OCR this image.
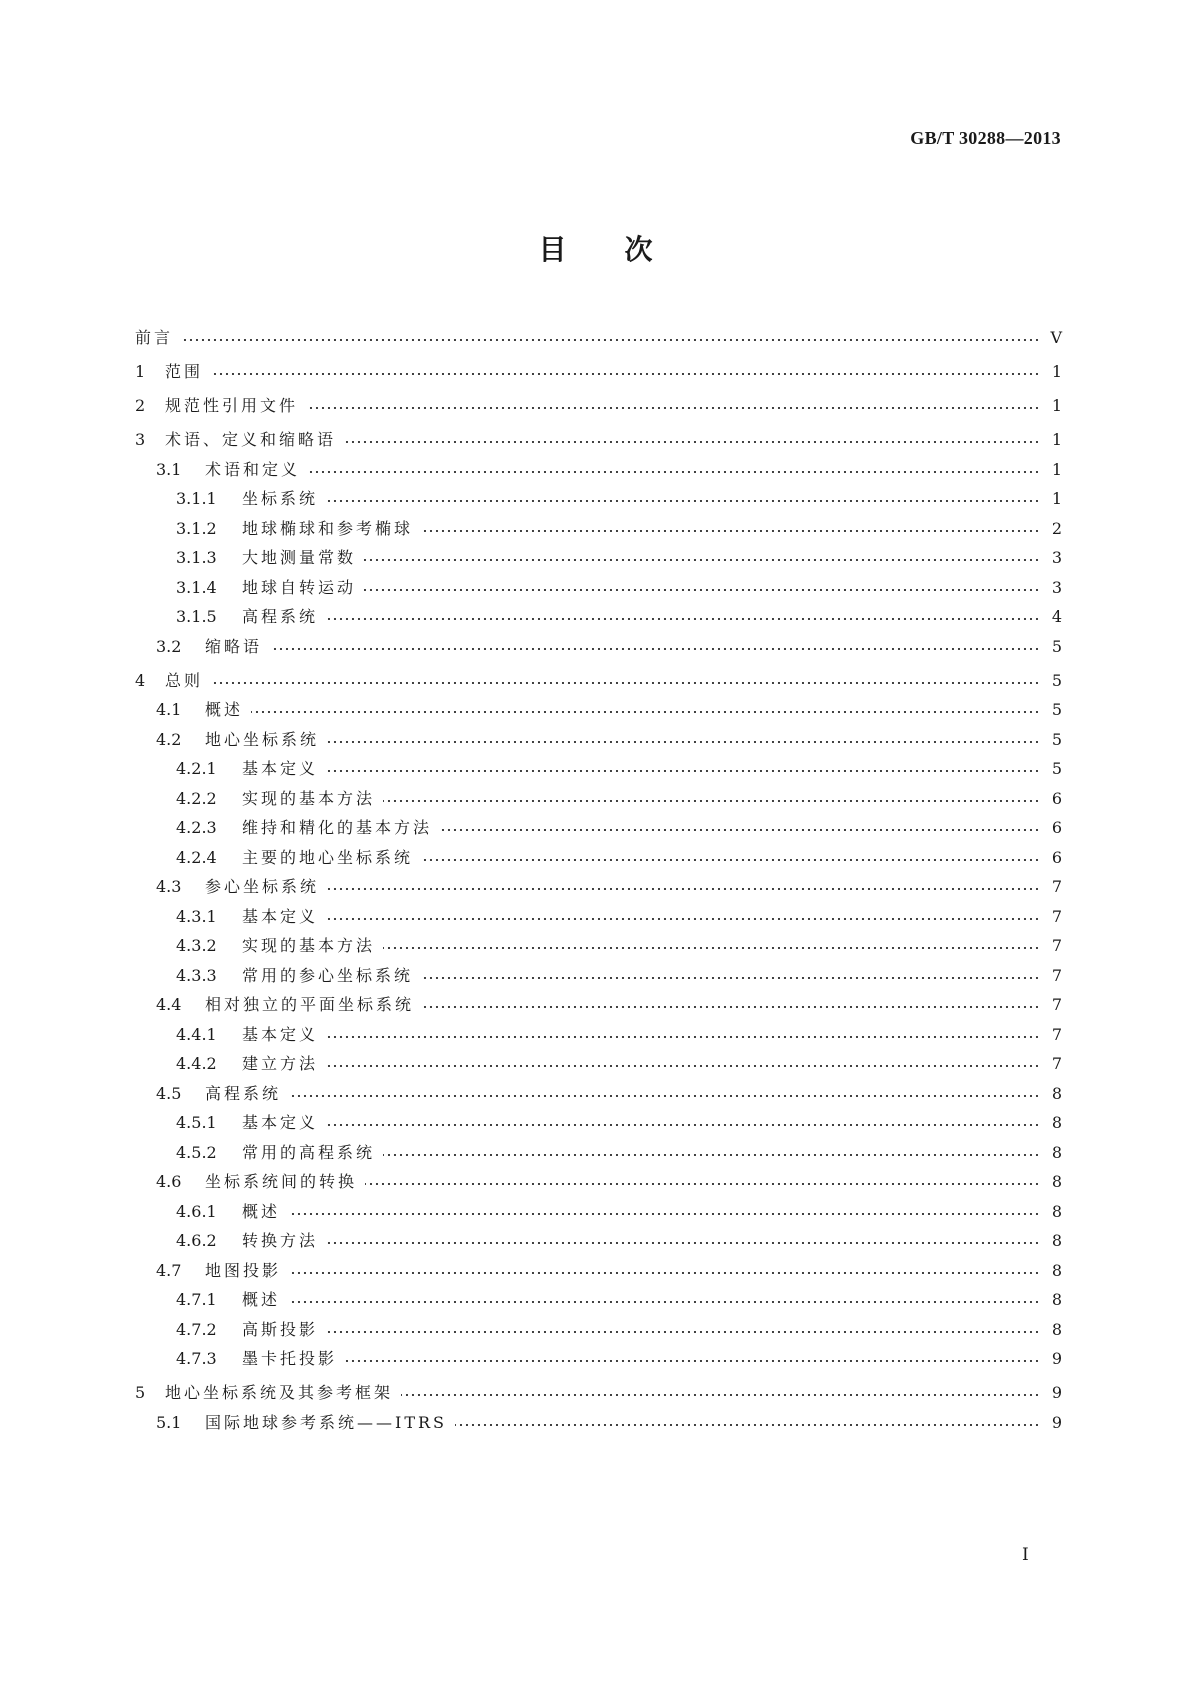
GB/T 30288—2013
目次
前言	Ⅴ
1	范围	1
2	规范性引用文件	1
3	术语、定义和缩略语	1
3.1	术语和定义	1
3.1.1	坐标系统	1
3.1.2	地球椭球和参考椭球	2
3.1.3	大地测量常数	3
3.1.4	地球自转运动	3
3.1.5	高程系统	4
3.2	缩略语	5
4	总则	5
4.1	概述	5
4.2	地心坐标系统	5
4.2.1	基本定义	5
4.2.2	实现的基本方法	6
4.2.3	维持和精化的基本方法	6
4.2.4	主要的地心坐标系统	6
4.3	参心坐标系统	7
4.3.1	基本定义	7
4.3.2	实现的基本方法	7
4.3.3	常用的参心坐标系统	7
4.4	相对独立的平面坐标系统	7
4.4.1	基本定义	7
4.4.2	建立方法	7
4.5	高程系统	8
4.5.1	基本定义	8
4.5.2	常用的高程系统	8
4.6	坐标系统间的转换	8
4.6.1	概述	8
4.6.2	转换方法	8
4.7	地图投影	8
4.7.1	概述	8
4.7.2	高斯投影	8
4.7.3	墨卡托投影	9
5	地心坐标系统及其参考框架	9
5.1	国际地球参考系统——ITRS	9
Ⅰ
